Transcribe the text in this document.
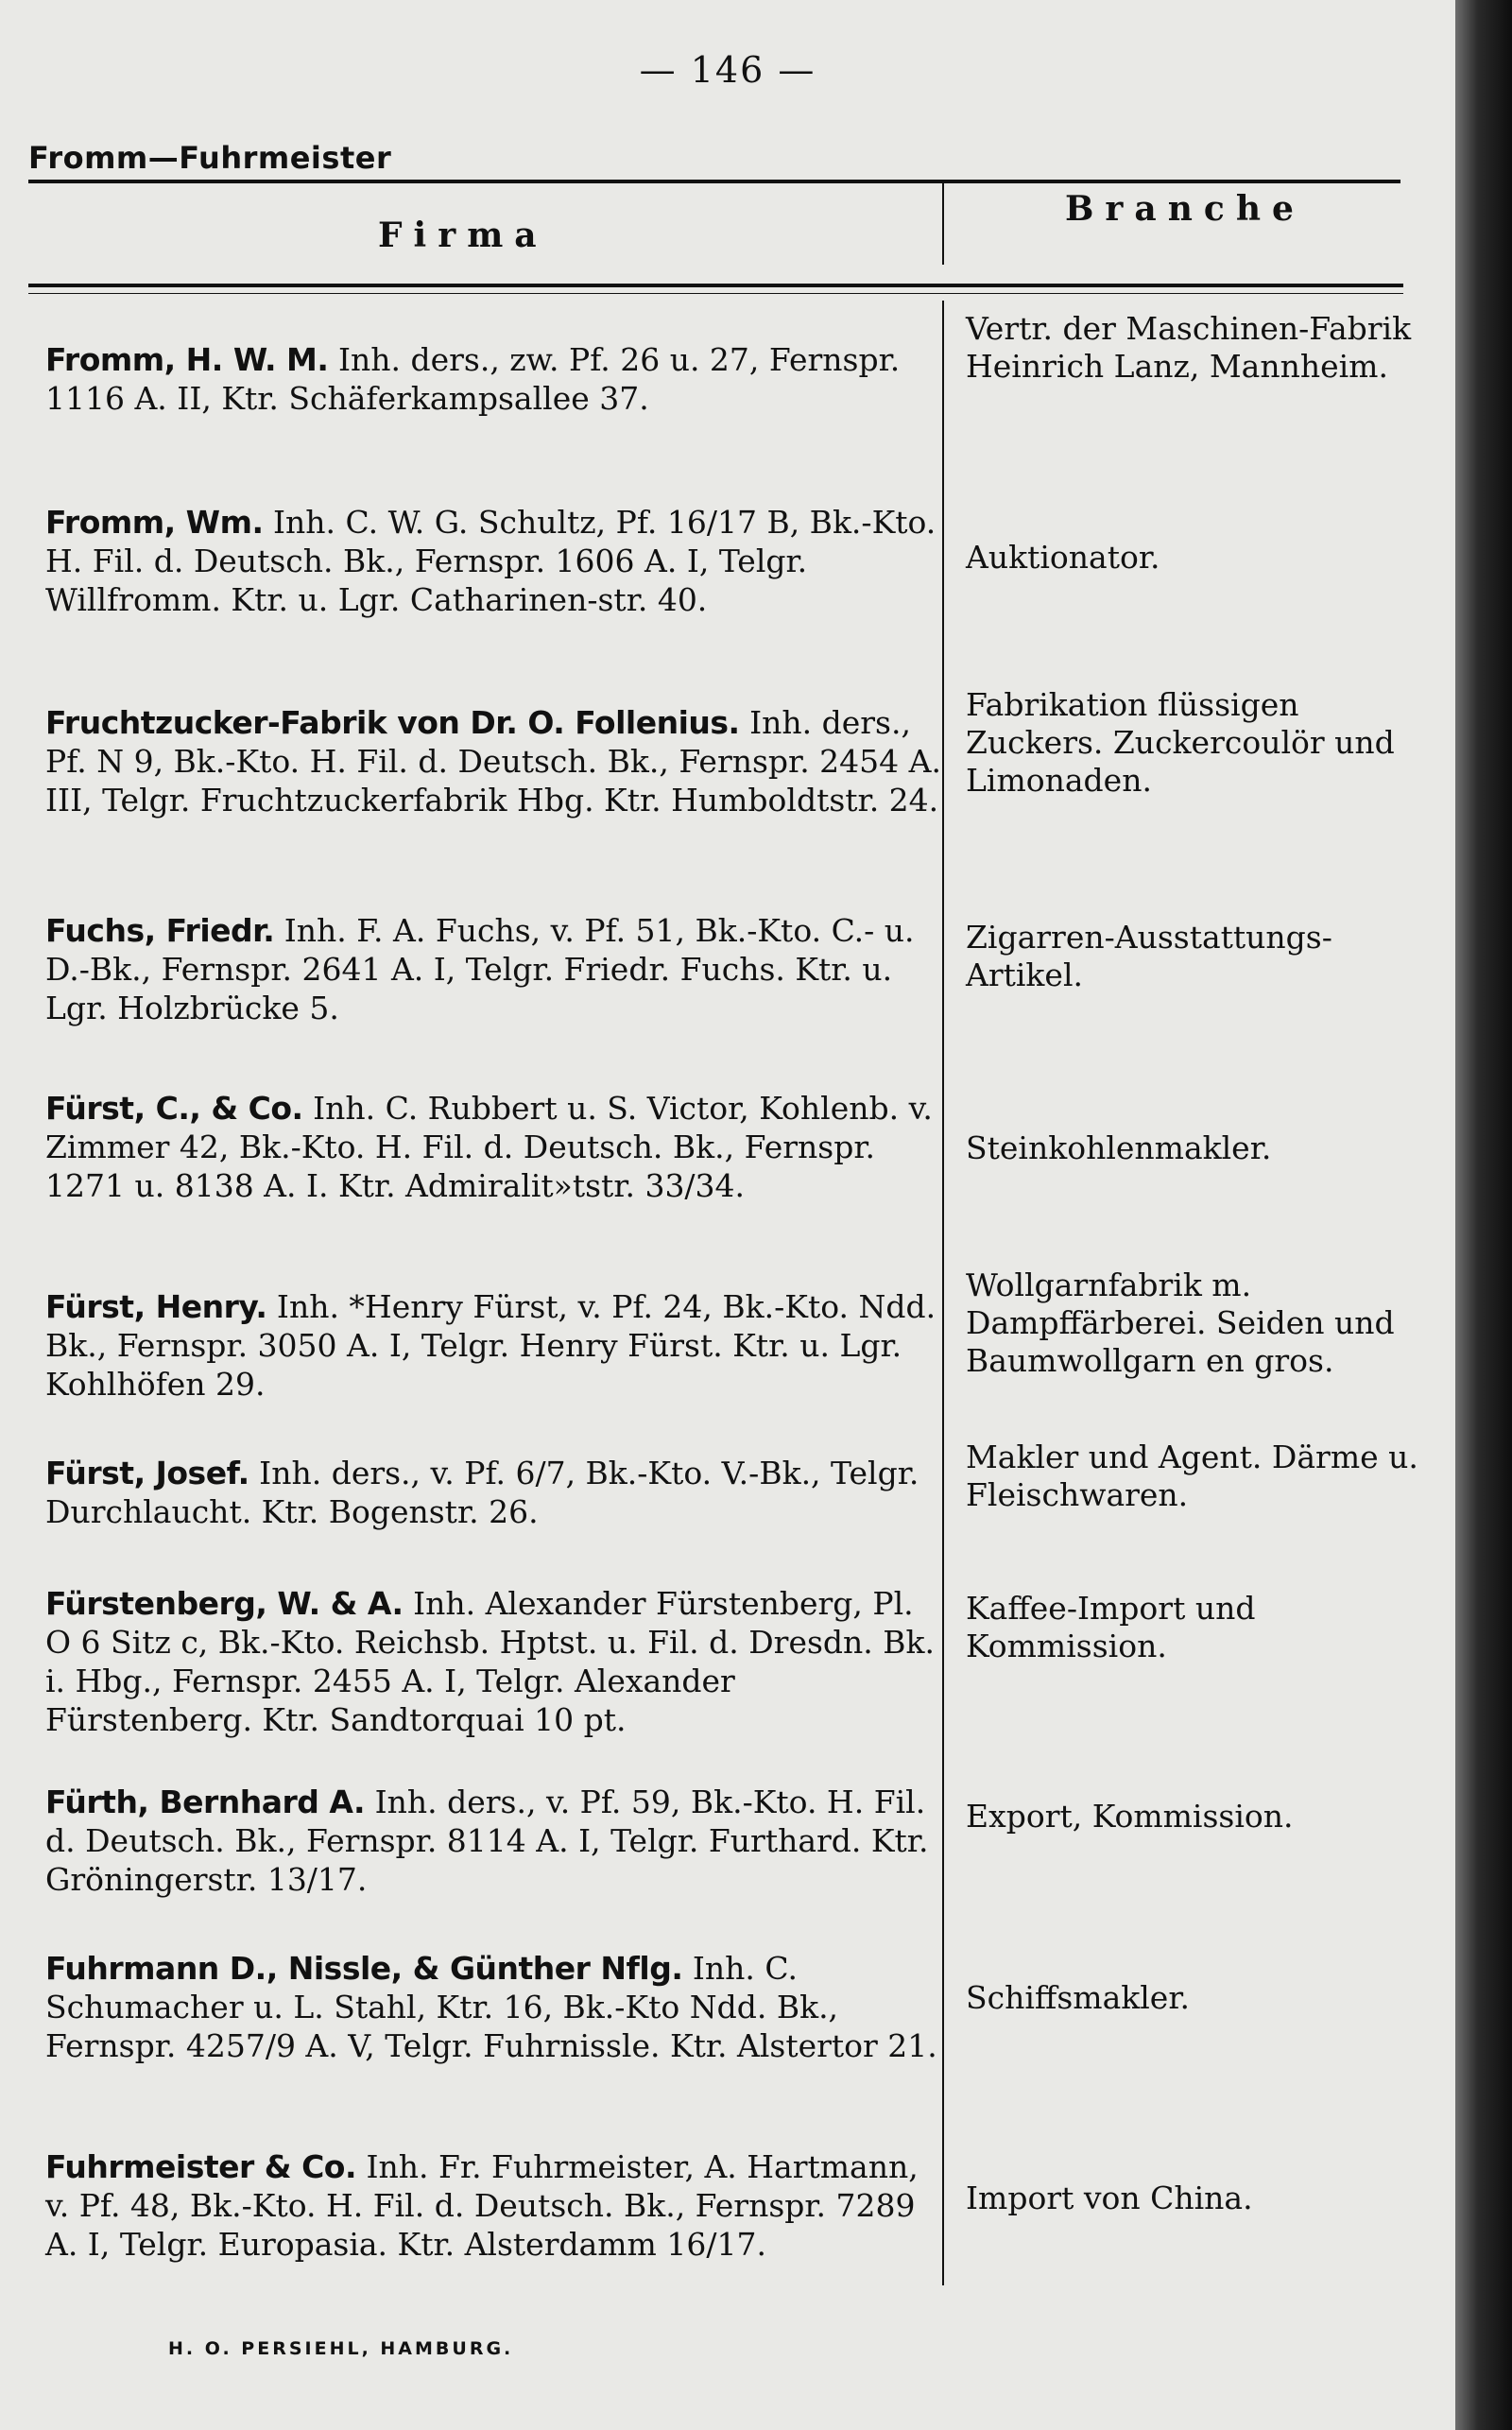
— 146 —
Fromm—Fuhrmeister
Firma
Branche
Fromm, H. W. M. Inh. ders., zw. Pf. 26 u. 27, Fernspr. 1116 A. II, Ktr. Schäferkampsallee 37.
Vertr. der Maschinen-Fabrik Heinrich Lanz, Mannheim.
Fromm, Wm. Inh. C. W. G. Schultz, Pf. 16/17 B, Bk.-Kto. H. Fil. d. Deutsch. Bk., Fernspr. 1606 A. I, Telgr. Willfromm. Ktr. u. Lgr. Catharinen-str. 40.
Auktionator.
Fruchtzucker-Fabrik von Dr. O. Follenius. Inh. ders., Pf. N 9, Bk.-Kto. H. Fil. d. Deutsch. Bk., Fernspr. 2454 A. III, Telgr. Fruchtzuckerfabrik Hbg. Ktr. Humboldtstr. 24.
Fabrikation flüssigen Zuckers. Zuckercoulör und Limonaden.
Fuchs, Friedr. Inh. F. A. Fuchs, v. Pf. 51, Bk.-Kto. C.- u. D.-Bk., Fernspr. 2641 A. I, Telgr. Friedr. Fuchs. Ktr. u. Lgr. Holzbrücke 5.
Zigarren-Ausstattungs-Artikel.
Fürst, C., & Co. Inh. C. Rubbert u. S. Victor, Kohlenb. v. Zimmer 42, Bk.-Kto. H. Fil. d. Deutsch. Bk., Fernspr. 1271 u. 8138 A. I. Ktr. Admiralit»tstr. 33/34.
Steinkohlenmakler.
Fürst, Henry. Inh. *Henry Fürst, v. Pf. 24, Bk.-Kto. Ndd. Bk., Fernspr. 3050 A. I, Telgr. Henry Fürst. Ktr. u. Lgr. Kohlhöfen 29.
Wollgarnfabrik m. Dampffärberei. Seiden und Baumwollgarn en gros.
Fürst, Josef. Inh. ders., v. Pf. 6/7, Bk.-Kto. V.-Bk., Telgr. Durchlaucht. Ktr. Bogenstr. 26.
Makler und Agent. Därme u. Fleischwaren.
Fürstenberg, W. & A. Inh. Alexander Fürstenberg, Pl. O 6 Sitz c, Bk.-Kto. Reichsb. Hptst. u. Fil. d. Dresdn. Bk. i. Hbg., Fernspr. 2455 A. I, Telgr. Alexander Fürstenberg. Ktr. Sandtorquai 10 pt.
Kaffee-Import und Kommission.
Fürth, Bernhard A. Inh. ders., v. Pf. 59, Bk.-Kto. H. Fil. d. Deutsch. Bk., Fernspr. 8114 A. I, Telgr. Furthard. Ktr. Gröningerstr. 13/17.
Export, Kommission.
Fuhrmann D., Nissle, & Günther Nflg. Inh. C. Schumacher u. L. Stahl, Ktr. 16, Bk.-Kto Ndd. Bk., Fernspr. 4257/9 A. V, Telgr. Fuhrnissle. Ktr. Alstertor 21.
Schiffsmakler.
Fuhrmeister & Co. Inh. Fr. Fuhrmeister, A. Hartmann, v. Pf. 48, Bk.-Kto. H. Fil. d. Deutsch. Bk., Fernspr. 7289 A. I, Telgr. Europasia. Ktr. Alsterdamm 16/17.
Import von China.
H. O. PERSIEHL, HAMBURG.
